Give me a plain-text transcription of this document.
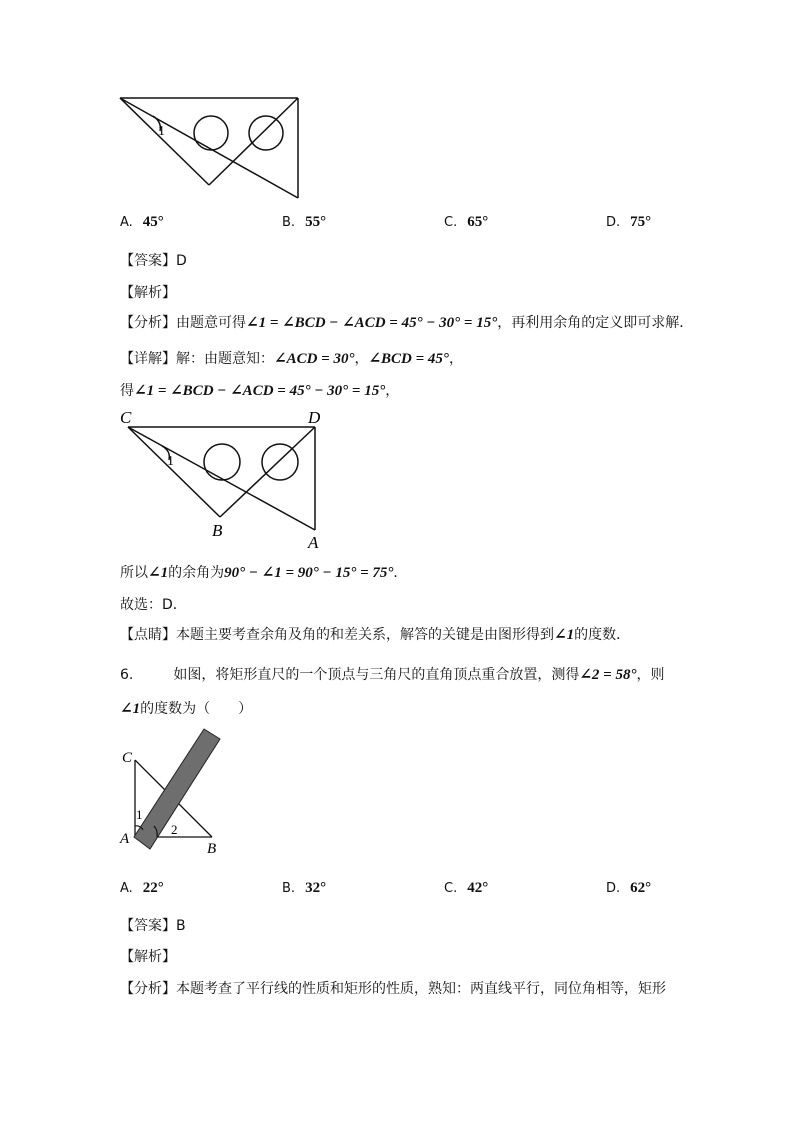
1
A. 45°	B. 55°	C. 65°	D. 75°
【答案】D
【解析】
【分析】由题意可得∠1 = ∠BCD − ∠ACD = 45° − 30° = 15°，再利用余角的定义即可求解．
【详解】解：由题意知：∠ACD = 30°，∠BCD = 45°，
得∠1 = ∠BCD − ∠ACD = 45° − 30° = 15°，
1
C	D
B
A
所以∠1的余角为90° − ∠1 = 90° − 15° = 75°．
故选：D．
【点睛】本题主要考查余角及角的和差关系，解答的关键是由图形得到∠1的度数．
6.	如图，将矩形直尺的一个顶点与三角尺的直角顶点重合放置，测得∠2 = 58°，则
∠1的度数为（　　）
C
A
B
1
2
A. 22°	B. 32°	C. 42°	D. 62°
【答案】B
【解析】
【分析】本题考查了平行线的性质和矩形的性质，熟知：两直线平行，同位角相等，矩形
